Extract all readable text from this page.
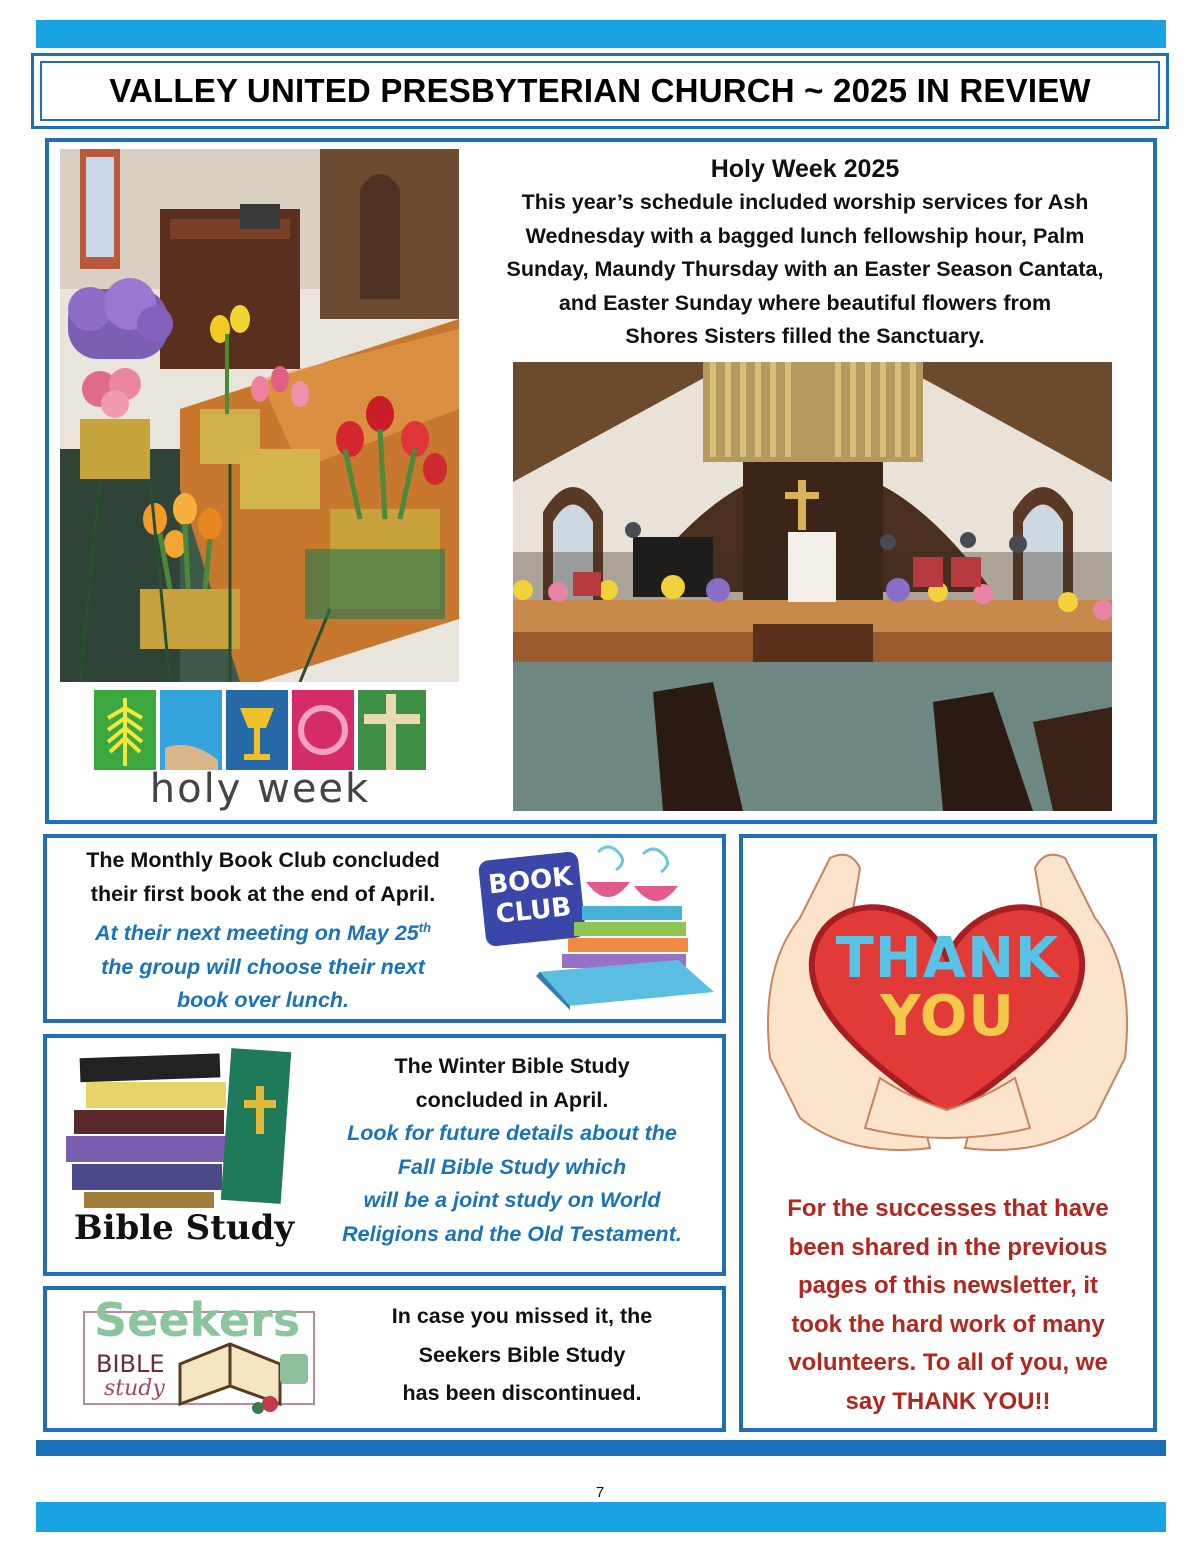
VALLEY UNITED PRESBYTERIAN CHURCH ~ 2025 IN REVIEW
holy week
Holy Week 2025
This year’s schedule included worship services for Ash
Wednesday with a bagged lunch fellowship hour, Palm
Sunday, Maundy Thursday with an Easter Season Cantata,
and Easter Sunday where beautiful flowers from
Shores Sisters filled the Sanctuary.
The Monthly Book Club concluded
their first book at the end of April.
At their next meeting on May 25th
the group will choose their next
book over lunch.
BOOK
CLUB
Bible Study
The Winter Bible Study
concluded in April.
Look for future details about the
Fall Bible Study which
will be a joint study on World
Religions and the Old Testament.
Seekers
BIBLE
study
In case you missed it, the
Seekers Bible Study
has been discontinued.
THANK
YOU
For the successes that have
been shared in the previous
pages of this newsletter, it
took the hard work of many
volunteers. To all of you, we
say THANK YOU!!
7
